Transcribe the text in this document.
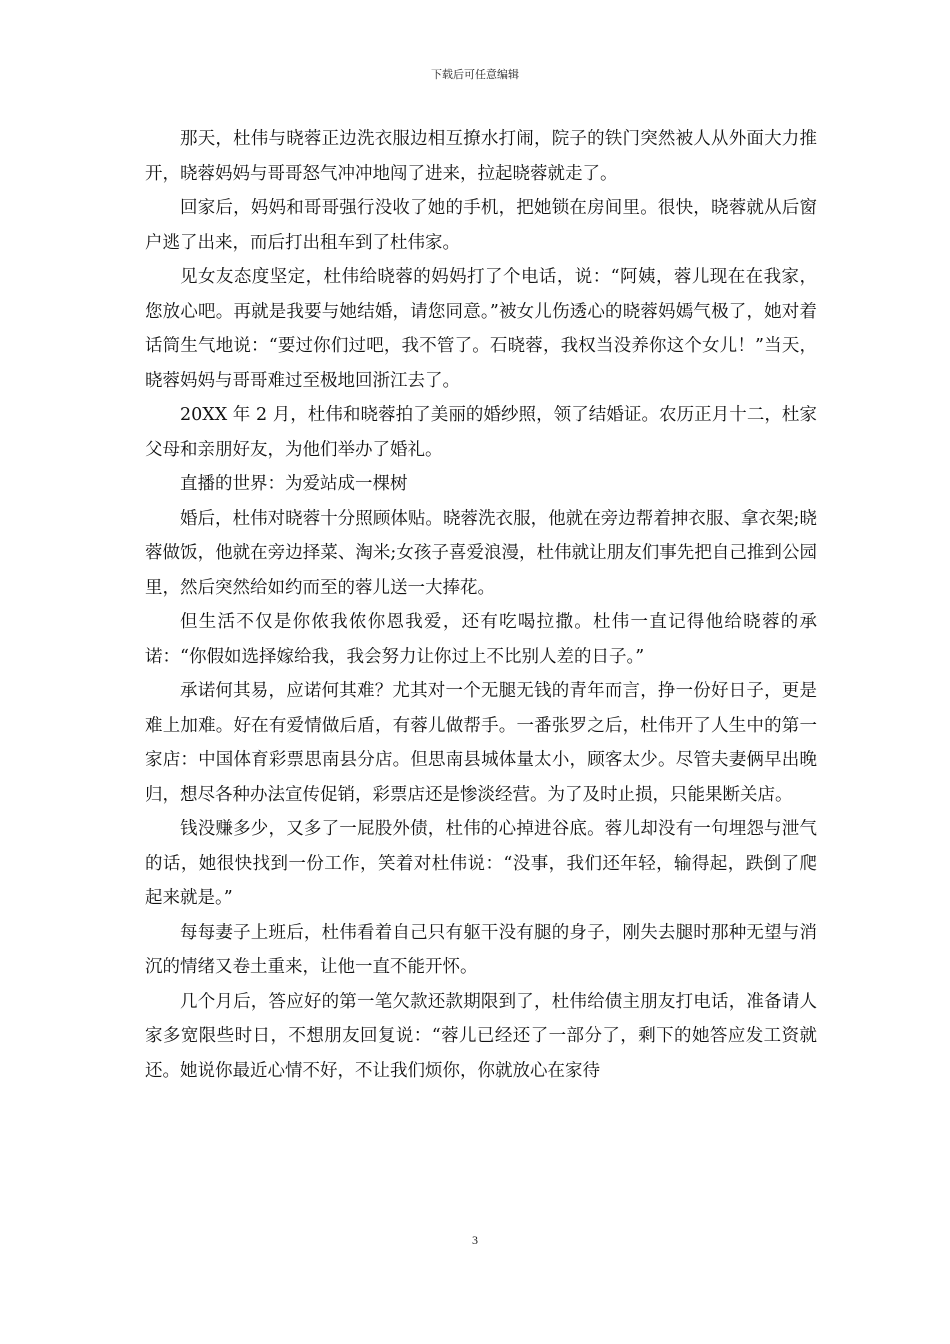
下载后可任意编辑

那天，杜伟与晓蓉正边洗衣服边相互撩水打闹，院子的铁门突然被人从外面大力推开，晓蓉妈妈与哥哥怒气冲冲地闯了进来，拉起晓蓉就走了。

回家后，妈妈和哥哥强行没收了她的手机，把她锁在房间里。很快，晓蓉就从后窗户逃了出来，而后打出租车到了杜伟家。

见女友态度坚定，杜伟给晓蓉的妈妈打了个电话，说：“阿姨，蓉儿现在在我家，您放心吧。再就是我要与她结婚，请您同意。”被女儿伤透心的晓蓉妈嫣气极了，她对着话筒生气地说：“要过你们过吧，我不管了。石晓蓉，我权当没养你这个女儿！”当天，晓蓉妈妈与哥哥难过至极地回浙江去了。

20XX 年 2 月，杜伟和晓蓉拍了美丽的婚纱照，领了结婚证。农历正月十二，杜家父母和亲朋好友，为他们举办了婚礼。

直播的世界：为爱站成一棵树

婚后，杜伟对晓蓉十分照顾体贴。晓蓉洗衣服，他就在旁边帮着抻衣服、拿衣架;晓蓉做饭，他就在旁边择菜、淘米;女孩子喜爱浪漫，杜伟就让朋友们事先把自己推到公园里，然后突然给如约而至的蓉儿送一大捧花。

但生活不仅是你侬我侬你恩我爱，还有吃喝拉撒。杜伟一直记得他给晓蓉的承诺：“你假如选择嫁给我，我会努力让你过上不比别人差的日子。”

承诺何其易，应诺何其难？尤其对一个无腿无钱的青年而言，挣一份好日子，更是难上加难。好在有爱情做后盾，有蓉儿做帮手。一番张罗之后，杜伟开了人生中的第一家店：中国体育彩票思南县分店。但思南县城体量太小，顾客太少。尽管夫妻俩早出晚归，想尽各种办法宣传促销，彩票店还是惨淡经营。为了及时止损，只能果断关店。

钱没赚多少，又多了一屁股外债，杜伟的心掉进谷底。蓉儿却没有一句埋怨与泄气的话，她很快找到一份工作，笑着对杜伟说：“没事，我们还年轻，输得起，跌倒了爬起来就是。”

每每妻子上班后，杜伟看着自己只有躯干没有腿的身子，刚失去腿时那种无望与消沉的情绪又卷土重来，让他一直不能开怀。

几个月后，答应好的第一笔欠款还款期限到了，杜伟给债主朋友打电话，准备请人家多宽限些时日，不想朋友回复说：“蓉儿已经还了一部分了，剩下的她答应发工资就还。她说你最近心情不好，不让我们烦你，你就放心在家待

3
